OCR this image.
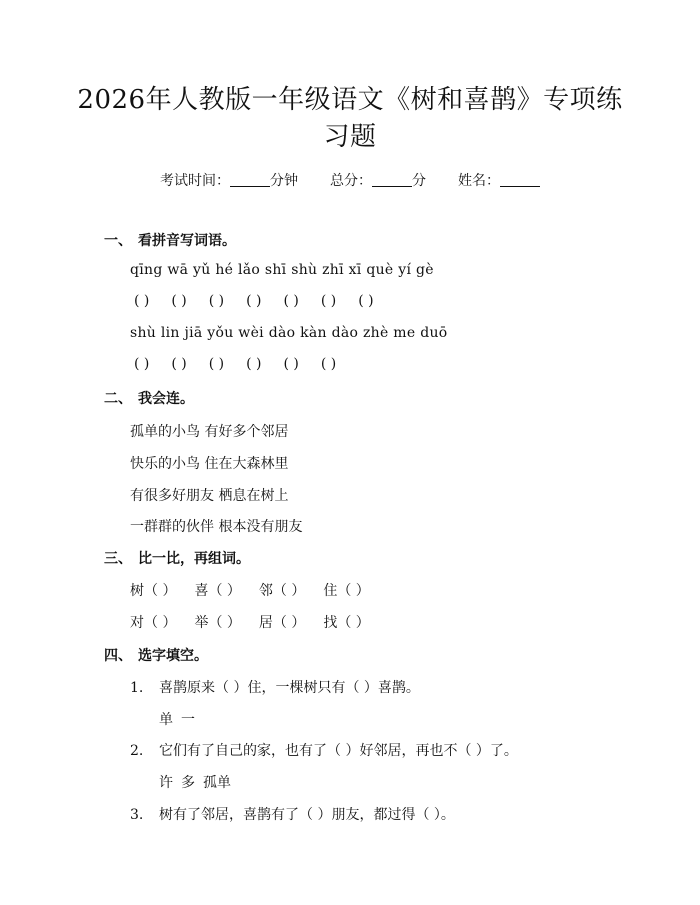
2026年人教版一年级语文《树和喜鹊》专项练习题
考试时间：	分钟 总分：	分 姓名：
一、 看拼音写词语。
qīng wā yǔ hé lǎo shī shù zhī xī què yí gè
( ) ( ) ( ) ( ) ( ) ( ) ( )
shù lin jiā yǒu wèi dào kàn dào zhè me duō
( ) ( ) ( ) ( ) ( ) ( )
二、 我会连。
孤单的小鸟 有好多个邻居
快乐的小鸟 住在大森林里
有很多好朋友 栖息在树上
一群群的伙伴 根本没有朋友
三、 比一比，再组词。
树（ ） 喜（ ） 邻（ ） 住（ ）
对（ ） 举（ ） 居（ ） 找（ ）
四、 选字填空。
1. 喜鹊原来（ ）住，一棵树只有（ ）喜鹊。
单 一
2. 它们有了自己的家，也有了（ ）好邻居，再也不（ ）了。
许 多 孤单
3. 树有了邻居，喜鹊有了（ ）朋友，都过得（ ）。
